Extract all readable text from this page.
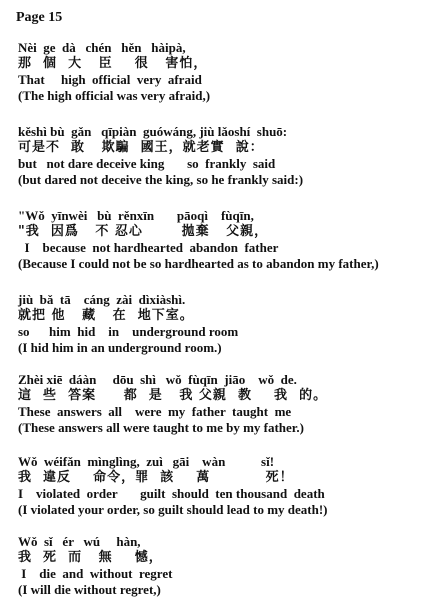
Page 15
Nèi  ge  dà   chén   hěn   hàipà,
那  個  大   臣    很   害怕，
That     high  official  very  afraid
(The high official was very afraid,)
kěshì bù  gǎn   qīpiàn  guówáng, jiù lǎoshí  shuō:
可是不  敢   欺騙  國王，就老實  說：
but   not dare deceive king       so  frankly  said
(but dared not deceive the king, so he frankly said:)
"Wǒ  yīnwèi   bù  rěnxīn       pāoqì    fùqīn,
"我  因爲   不 忍心       拋棄   父親，
I    because  not hardhearted  abandon  father
(Because I could not be so hardhearted as to abandon my father,)
jiù  bǎ  tā    cáng  zài  dìxiàshì.
就把 他   藏   在  地下室。
so      him  hid    in    underground room
(I hid him in an underground room.)
Zhèi xiē  dáàn     dōu  shì   wǒ  fùqīn  jiāo    wǒ  de.
這  些  答案     都  是   我 父親  教    我  的。
These  answers  all    were  my  father  taught  me
(These answers all were taught to me by my father.)
Wǒ  wéifǎn  mìnglìng,  zuì   gāi    wàn           sǐ!
我  違反    命令，罪  該    萬          死！
I    violated  order       guilt  should  ten thousand  death
(I violated your order, so guilt should lead to my death!)
Wǒ  sǐ   ér   wú     hàn,
我  死  而   無    憾，
I    die  and  without  regret
(I will die without regret,)
